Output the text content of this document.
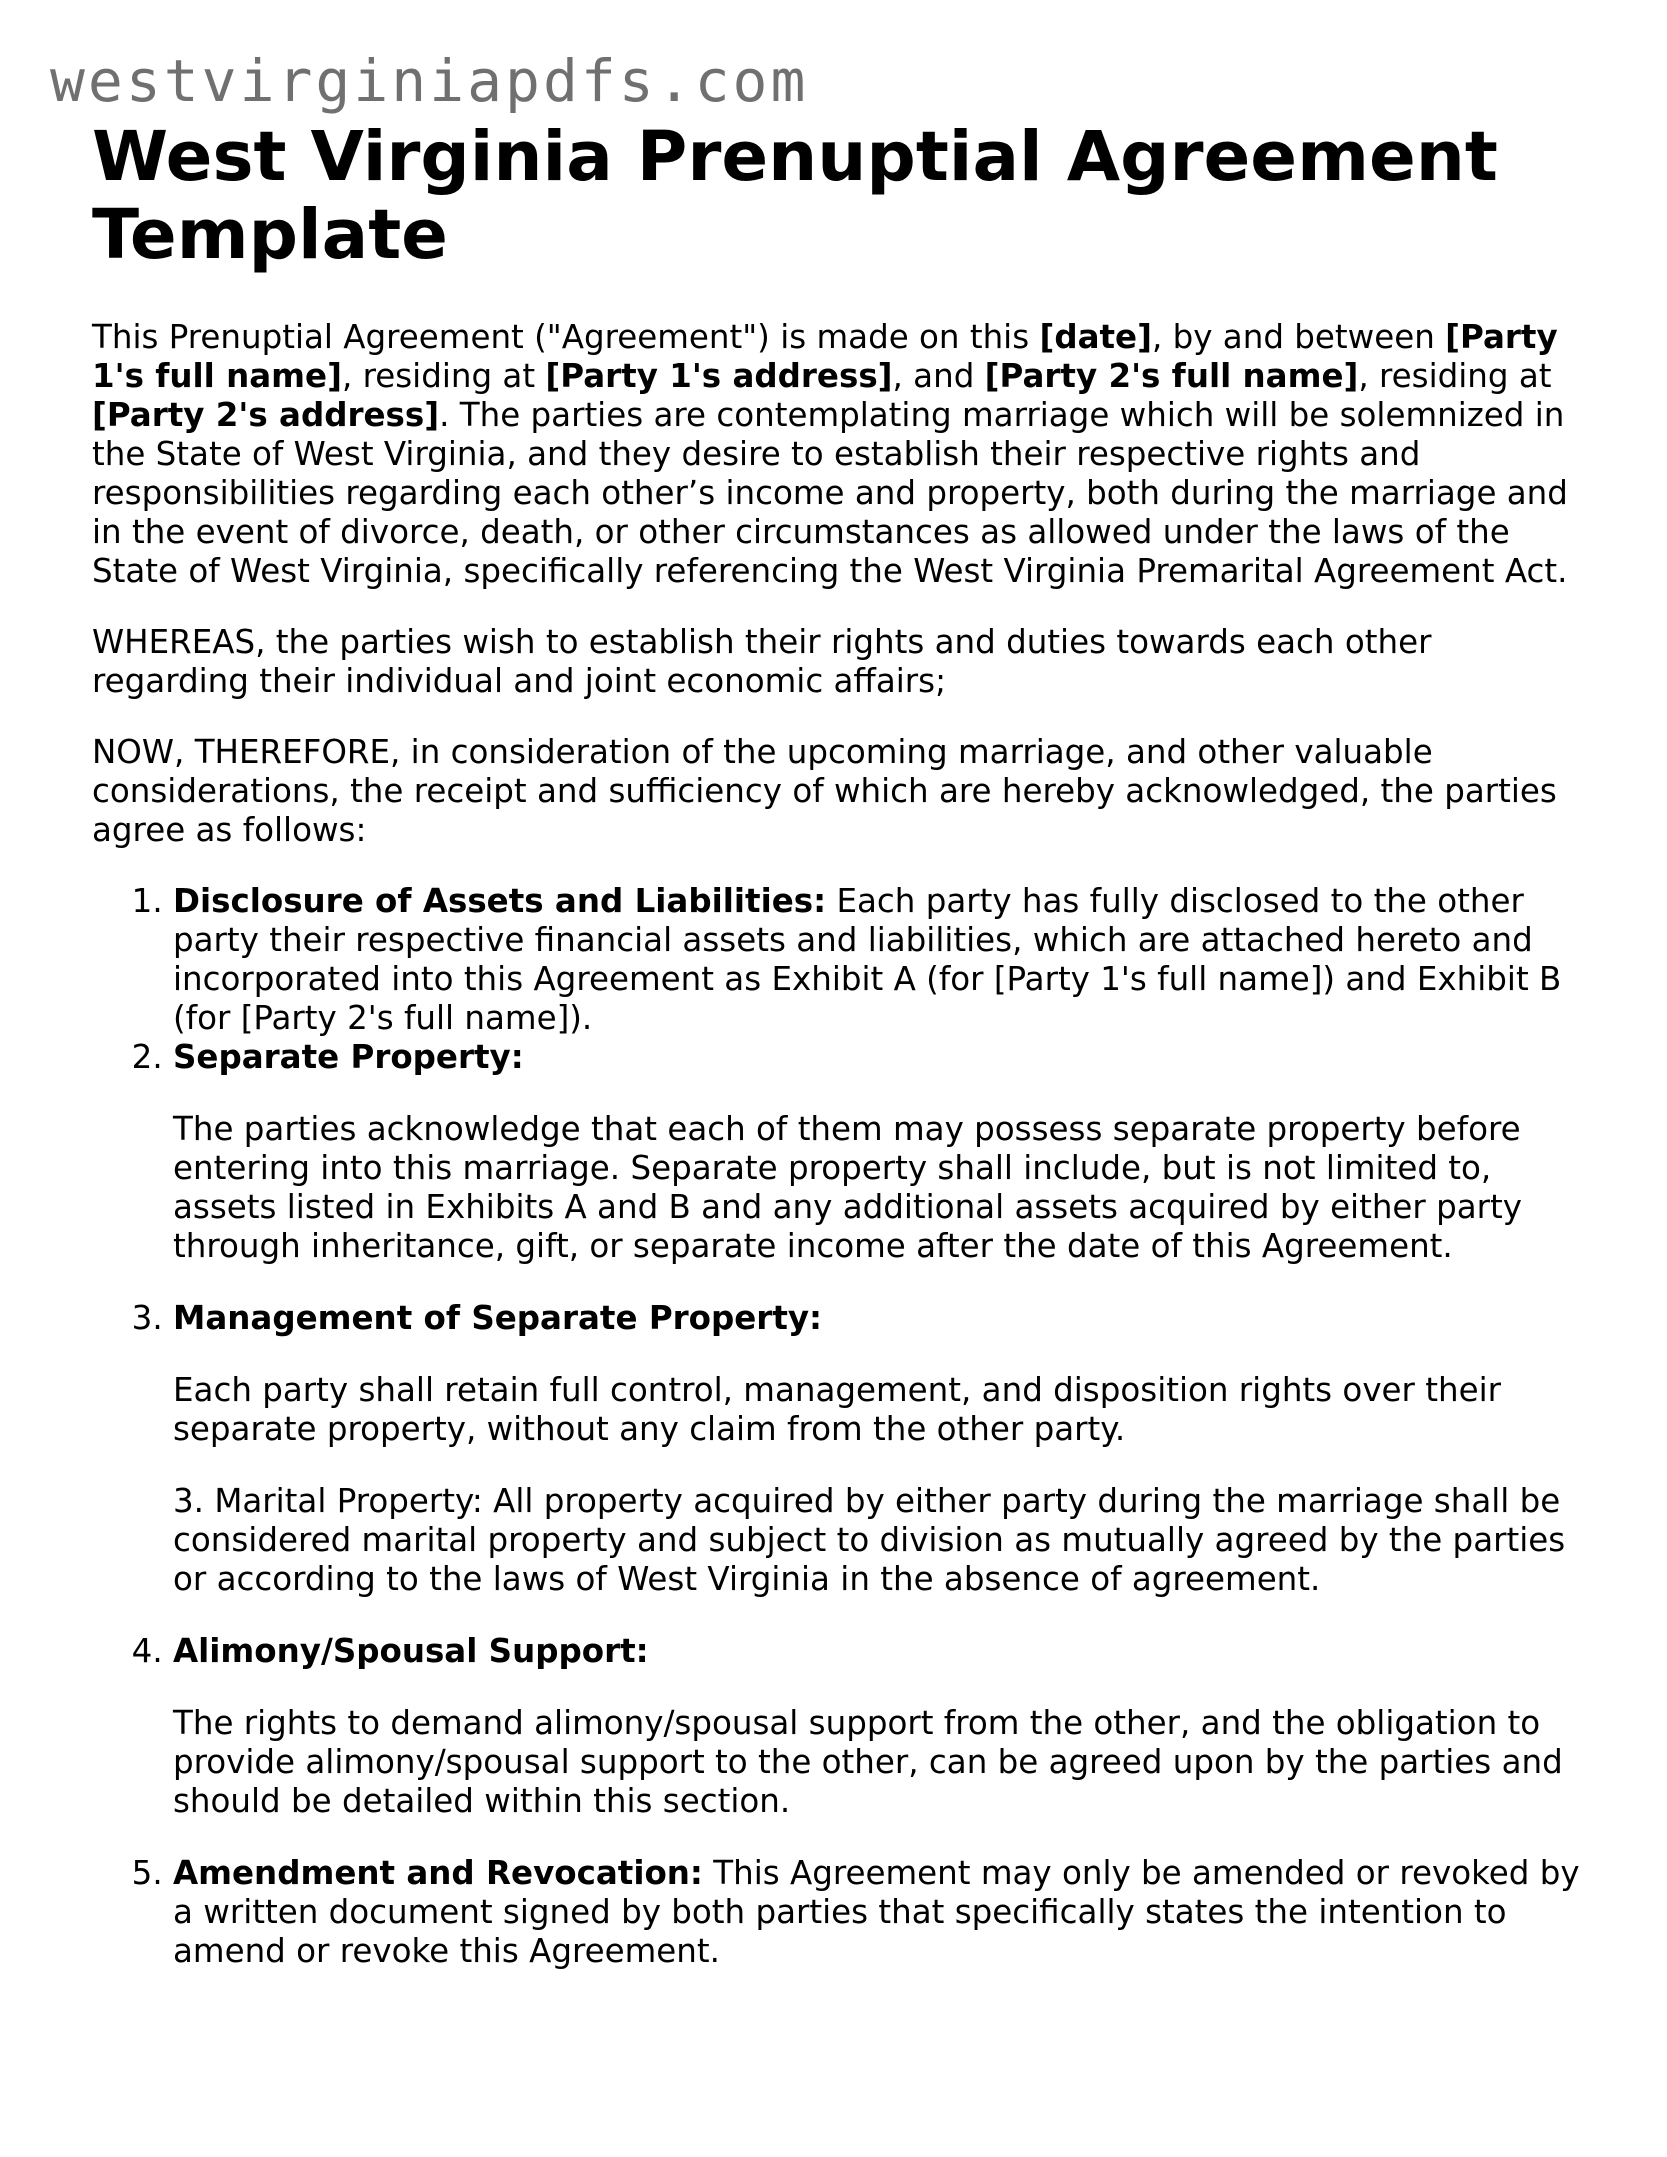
westvirginiapdfs.com
West Virginia Prenuptial Agreement Template

This Prenuptial Agreement ("Agreement") is made on this [date], by and between [Party 1's full name], residing at [Party 1's address], and [Party 2's full name], residing at [Party 2's address]. The parties are contemplating marriage which will be solemnized in the State of West Virginia, and they desire to establish their respective rights and responsibilities regarding each other’s income and property, both during the marriage and in the event of divorce, death, or other circumstances as allowed under the laws of the State of West Virginia, specifically referencing the West Virginia Premarital Agreement Act.

WHEREAS, the parties wish to establish their rights and duties towards each other regarding their individual and joint economic affairs;

NOW, THEREFORE, in consideration of the upcoming marriage, and other valuable considerations, the receipt and sufficiency of which are hereby acknowledged, the parties agree as follows:

1. Disclosure of Assets and Liabilities: Each party has fully disclosed to the other party their respective financial assets and liabilities, which are attached hereto and incorporated into this Agreement as Exhibit A (for [Party 1's full name]) and Exhibit B (for [Party 2's full name]).
2. Separate Property:
The parties acknowledge that each of them may possess separate property before entering into this marriage. Separate property shall include, but is not limited to, assets listed in Exhibits A and B and any additional assets acquired by either party through inheritance, gift, or separate income after the date of this Agreement.
3. Management of Separate Property:
Each party shall retain full control, management, and disposition rights over their separate property, without any claim from the other party.
3. Marital Property: All property acquired by either party during the marriage shall be considered marital property and subject to division as mutually agreed by the parties or according to the laws of West Virginia in the absence of agreement.
4. Alimony/Spousal Support:
The rights to demand alimony/spousal support from the other, and the obligation to provide alimony/spousal support to the other, can be agreed upon by the parties and should be detailed within this section.
5. Amendment and Revocation: This Agreement may only be amended or revoked by a written document signed by both parties that specifically states the intention to amend or revoke this Agreement.
